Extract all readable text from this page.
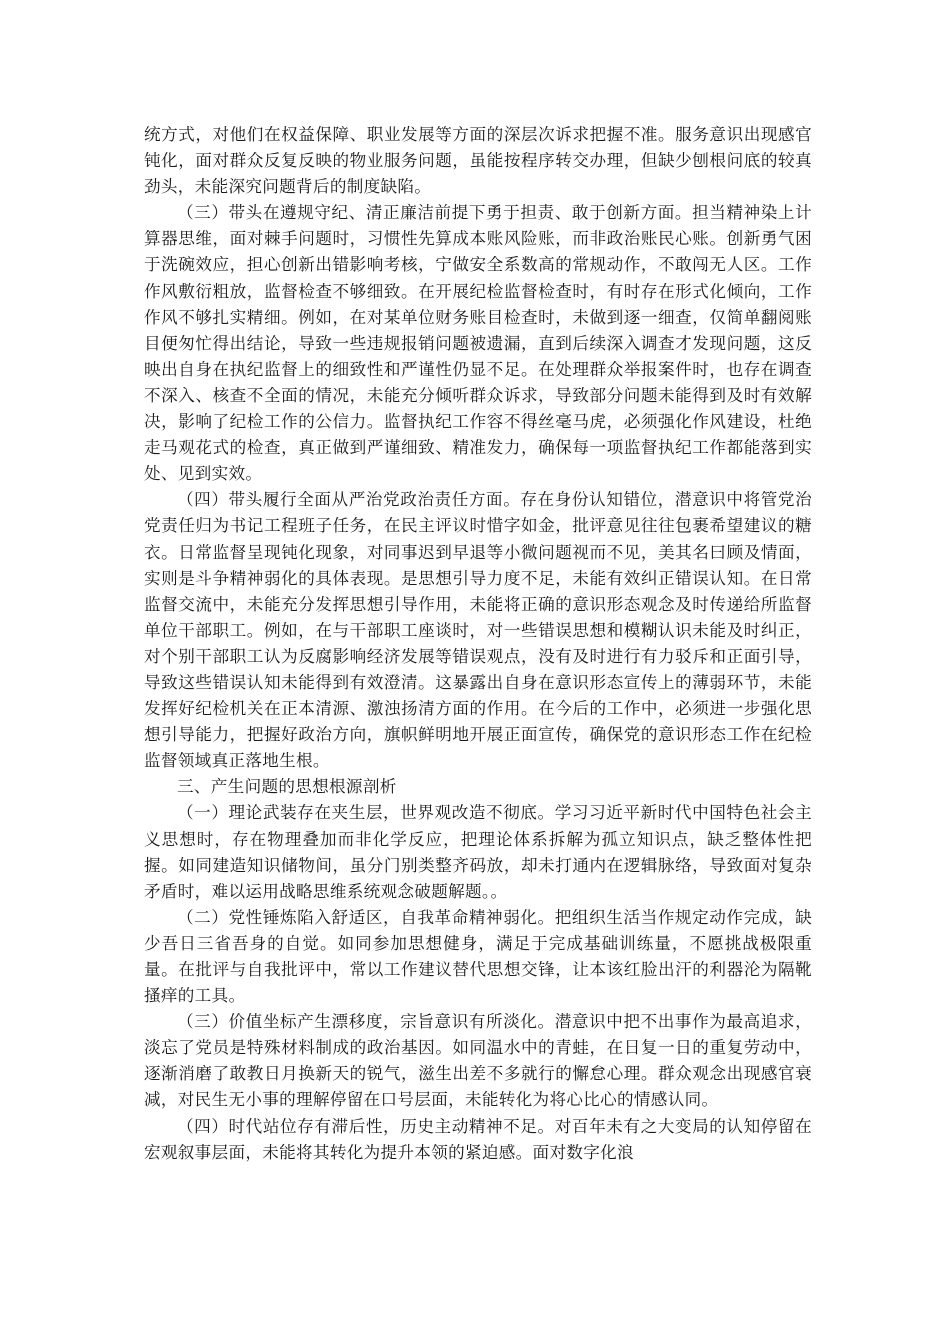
统方式，对他们在权益保障、职业发展等方面的深层次诉求把握不准。服务意识出现感官钝化，面对群众反复反映的物业服务问题，虽能按程序转交办理，但缺少刨根问底的较真劲头，未能深究问题背后的制度缺陷。

（三）带头在遵规守纪、清正廉洁前提下勇于担责、敢于创新方面。担当精神染上计算器思维，面对棘手问题时，习惯性先算成本账风险账，而非政治账民心账。创新勇气困于洗碗效应，担心创新出错影响考核，宁做安全系数高的常规动作，不敢闯无人区。工作作风敷衍粗放，监督检查不够细致。在开展纪检监督检查时，有时存在形式化倾向，工作作风不够扎实精细。例如，在对某单位财务账目检查时，未做到逐一细查，仅简单翻阅账目便匆忙得出结论，导致一些违规报销问题被遗漏，直到后续深入调查才发现问题，这反映出自身在执纪监督上的细致性和严谨性仍显不足。在处理群众举报案件时，也存在调查不深入、核查不全面的情况，未能充分倾听群众诉求，导致部分问题未能得到及时有效解决，影响了纪检工作的公信力。监督执纪工作容不得丝毫马虎，必须强化作风建设，杜绝走马观花式的检查，真正做到严谨细致、精准发力，确保每一项监督执纪工作都能落到实处、见到实效。

（四）带头履行全面从严治党政治责任方面。存在身份认知错位，潜意识中将管党治党责任归为书记工程班子任务，在民主评议时惜字如金，批评意见往往包裹希望建议的糖衣。日常监督呈现钝化现象，对同事迟到早退等小微问题视而不见，美其名曰顾及情面，实则是斗争精神弱化的具体表现。是思想引导力度不足，未能有效纠正错误认知。在日常监督交流中，未能充分发挥思想引导作用，未能将正确的意识形态观念及时传递给所监督单位干部职工。例如，在与干部职工座谈时，对一些错误思想和模糊认识未能及时纠正，对个别干部职工认为反腐影响经济发展等错误观点，没有及时进行有力驳斥和正面引导，导致这些错误认知未能得到有效澄清。这暴露出自身在意识形态宣传上的薄弱环节，未能发挥好纪检机关在正本清源、激浊扬清方面的作用。在今后的工作中，必须进一步强化思想引导能力，把握好政治方向，旗帜鲜明地开展正面宣传，确保党的意识形态工作在纪检监督领域真正落地生根。

三、产生问题的思想根源剖析

（一）理论武装存在夹生层，世界观改造不彻底。学习习近平新时代中国特色社会主义思想时，存在物理叠加而非化学反应，把理论体系拆解为孤立知识点，缺乏整体性把握。如同建造知识储物间，虽分门别类整齐码放，却未打通内在逻辑脉络，导致面对复杂矛盾时，难以运用战略思维系统观念破题解题。。

（二）党性锤炼陷入舒适区，自我革命精神弱化。把组织生活当作规定动作完成，缺少吾日三省吾身的自觉。如同参加思想健身，满足于完成基础训练量，不愿挑战极限重量。在批评与自我批评中，常以工作建议替代思想交锋，让本该红脸出汗的利器沦为隔靴搔痒的工具。

（三）价值坐标产生漂移度，宗旨意识有所淡化。潜意识中把不出事作为最高追求，淡忘了党员是特殊材料制成的政治基因。如同温水中的青蛙，在日复一日的重复劳动中，逐渐消磨了敢教日月换新天的锐气，滋生出差不多就行的懈怠心理。群众观念出现感官衰减，对民生无小事的理解停留在口号层面，未能转化为将心比心的情感认同。

（四）时代站位存有滞后性，历史主动精神不足。对百年未有之大变局的认知停留在宏观叙事层面，未能将其转化为提升本领的紧迫感。面对数字化浪
